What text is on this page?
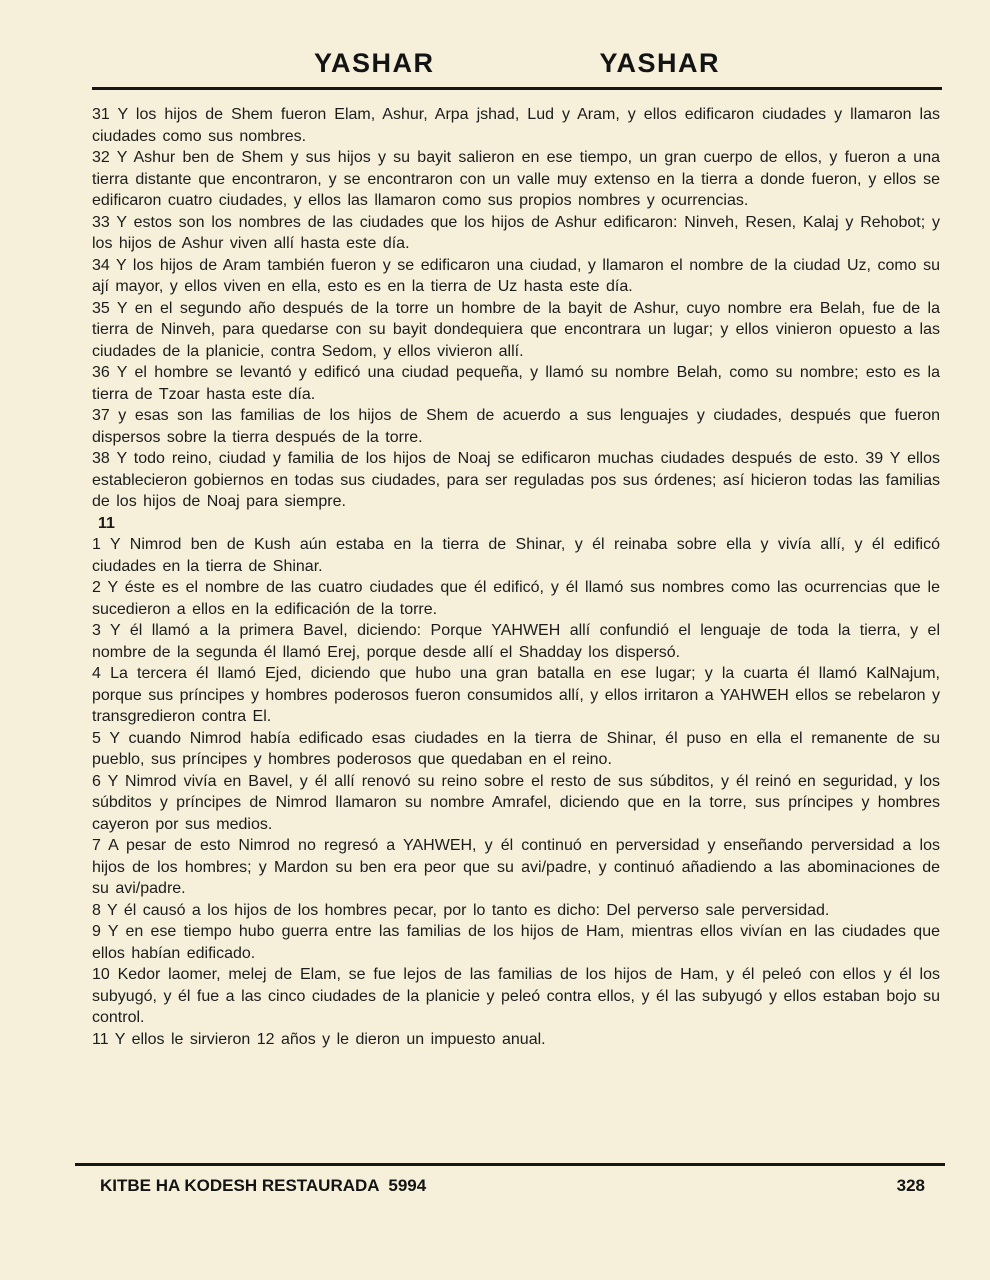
YASHAR	YASHAR

31 Y los hijos de Shem fueron Elam, Ashur, Arpa jshad, Lud y Aram, y ellos edificaron ciudades y llamaron las ciudades como sus nombres.

32 Y Ashur ben de Shem y sus hijos y su bayit salieron en ese tiempo, un gran cuerpo de ellos, y fueron a una tierra distante que encontraron, y se encontraron con un valle muy extenso en la tierra a donde fueron, y ellos se edificaron cuatro ciudades, y ellos las llamaron como sus propios nombres y ocurrencias.

33 Y estos son los nombres de las ciudades que los hijos de Ashur edificaron: Ninveh, Resen, Kalaj y Rehobot; y los hijos de Ashur viven allí hasta este día.

34 Y los hijos de Aram también fueron y se edificaron una ciudad, y llamaron el nombre de la ciudad Uz, como su ají mayor, y ellos viven en ella, esto es en la tierra de Uz hasta este día.

35 Y en el segundo año después de la torre un hombre de la bayit de Ashur, cuyo nombre era Belah, fue de la tierra de Ninveh, para quedarse con su bayit dondequiera que encontrara un lugar; y ellos vinieron opuesto a las ciudades de la planicie, contra Sedom, y ellos vivieron allí.

36 Y el hombre se levantó y edificó una ciudad pequeña, y llamó su nombre Belah, como su nombre; esto es la tierra de Tzoar hasta este día.

37 y esas son las familias de los hijos de Shem de acuerdo a sus lenguajes y ciudades, después que fueron dispersos sobre la tierra después de la torre.

38 Y todo reino, ciudad y familia de los hijos de Noaj se edificaron muchas ciudades después de esto. 39 Y ellos establecieron gobiernos en todas sus ciudades, para ser reguladas pos sus órdenes; así hicieron todas las familias de los hijos de Noaj para siempre.

11

1 Y Nimrod ben de Kush aún estaba en la tierra de Shinar, y él reinaba sobre ella y vivía allí, y él edificó ciudades en la tierra de Shinar.

2 Y éste es el nombre de las cuatro ciudades que él edificó, y él llamó sus nombres como las ocurrencias que le sucedieron a ellos en la edificación de la torre.

3 Y él llamó a la primera Bavel, diciendo: Porque YAHWEH allí confundió el lenguaje de toda la tierra, y el nombre de la segunda él llamó Erej, porque desde allí el Shadday los dispersó.

4 La tercera él llamó Ejed, diciendo que hubo una gran batalla en ese lugar; y la cuarta él llamó KalNajum, porque sus príncipes y hombres poderosos fueron consumidos allí, y ellos irritaron a YAHWEH ellos se rebelaron y transgredieron contra El.

5 Y cuando Nimrod había edificado esas ciudades en la tierra de Shinar, él puso en ella el remanente de su pueblo, sus príncipes y hombres poderosos que quedaban en el reino.

6 Y Nimrod vivía en Bavel, y él allí renovó su reino sobre el resto de sus súbditos, y él reinó en seguridad, y los súbditos y príncipes de Nimrod llamaron su nombre Amrafel, diciendo que en la torre, sus príncipes y hombres cayeron por sus medios.

7 A pesar de esto Nimrod no regresó a YAHWEH, y él continuó en perversidad y enseñando perversidad a los hijos de los hombres; y Mardon su ben era peor que su avi/padre, y continuó añadiendo a las abominaciones de su avi/padre.

8 Y él causó a los hijos de los hombres pecar, por lo tanto es dicho: Del perverso sale perversidad.

9 Y en ese tiempo hubo guerra entre las familias de los hijos de Ham, mientras ellos vivían en las ciudades que ellos habían edificado.

10 Kedor laomer, melej de Elam, se fue lejos de las familias de los hijos de Ham, y él peleó con ellos y él los subyugó, y él fue a las cinco ciudades de la planicie y peleó contra ellos, y él las subyugó y ellos estaban bojo su control.

11 Y ellos le sirvieron 12 años y le dieron un impuesto anual.

KITBE HA KODESH RESTAURADA  5994	328
